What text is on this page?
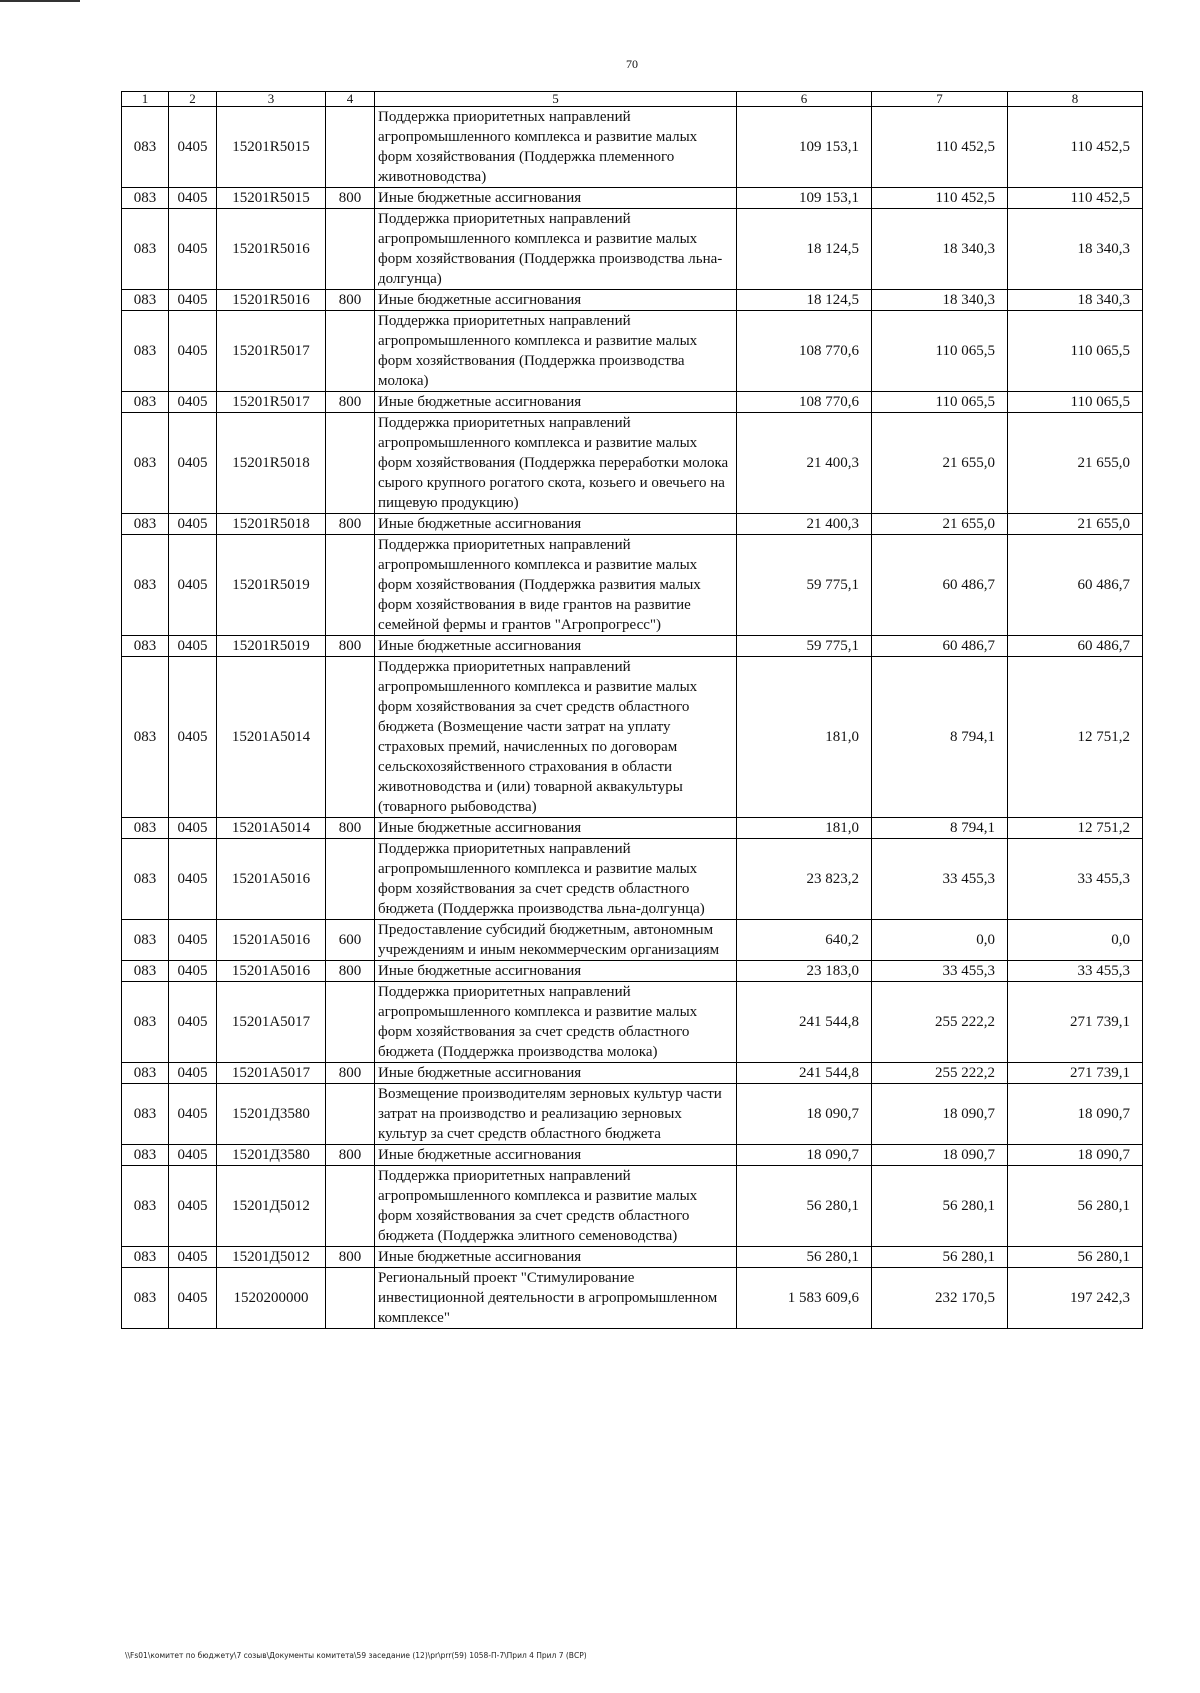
70
1	2	3	4	5	6	7	8
083	0405	15201R5015		Поддержка приоритетных направлений агропромышленного комплекса и развитие малых форм хозяйствования (Поддержка племенного животноводства)	109 153,1	110 452,5	110 452,5
083	0405	15201R5015	800	Иные бюджетные ассигнования	109 153,1	110 452,5	110 452,5
083	0405	15201R5016		Поддержка приоритетных направлений агропромышленного комплекса и развитие малых форм хозяйствования (Поддержка производства льна-долгунца)	18 124,5	18 340,3	18 340,3
083	0405	15201R5016	800	Иные бюджетные ассигнования	18 124,5	18 340,3	18 340,3
083	0405	15201R5017		Поддержка приоритетных направлений агропромышленного комплекса и развитие малых форм хозяйствования (Поддержка производства молока)	108 770,6	110 065,5	110 065,5
083	0405	15201R5017	800	Иные бюджетные ассигнования	108 770,6	110 065,5	110 065,5
083	0405	15201R5018		Поддержка приоритетных направлений агропромышленного комплекса и развитие малых форм хозяйствования (Поддержка переработки молока сырого крупного рогатого скота, козьего и овечьего на пищевую продукцию)	21 400,3	21 655,0	21 655,0
083	0405	15201R5018	800	Иные бюджетные ассигнования	21 400,3	21 655,0	21 655,0
083	0405	15201R5019		Поддержка приоритетных направлений агропромышленного комплекса и развитие малых форм хозяйствования (Поддержка развития малых форм хозяйствования в виде грантов на развитие семейной фермы и грантов "Агропрогресс")	59 775,1	60 486,7	60 486,7
083	0405	15201R5019	800	Иные бюджетные ассигнования	59 775,1	60 486,7	60 486,7
083	0405	15201A5014		Поддержка приоритетных направлений агропромышленного комплекса и развитие малых форм хозяйствования за счет средств областного бюджета (Возмещение части затрат на уплату страховых премий, начисленных по договорам сельскохозяйственного страхования в области животноводства и (или) товарной аквакультуры (товарного рыбоводства)	181,0	8 794,1	12 751,2
083	0405	15201A5014	800	Иные бюджетные ассигнования	181,0	8 794,1	12 751,2
083	0405	15201A5016		Поддержка приоритетных направлений агропромышленного комплекса и развитие малых форм хозяйствования за счет средств областного бюджета (Поддержка производства льна-долгунца)	23 823,2	33 455,3	33 455,3
083	0405	15201A5016	600	Предоставление субсидий бюджетным, автономным учреждениям и иным некоммерческим организациям	640,2	0,0	0,0
083	0405	15201A5016	800	Иные бюджетные ассигнования	23 183,0	33 455,3	33 455,3
083	0405	15201A5017		Поддержка приоритетных направлений агропромышленного комплекса и развитие малых форм хозяйствования за счет средств областного бюджета (Поддержка производства молока)	241 544,8	255 222,2	271 739,1
083	0405	15201A5017	800	Иные бюджетные ассигнования	241 544,8	255 222,2	271 739,1
083	0405	15201Д3580		Возмещение производителям зерновых культур части затрат на производство и реализацию зерновых культур за счет средств областного бюджета	18 090,7	18 090,7	18 090,7
083	0405	15201Д3580	800	Иные бюджетные ассигнования	18 090,7	18 090,7	18 090,7
083	0405	15201Д5012		Поддержка приоритетных направлений агропромышленного комплекса и развитие малых форм хозяйствования за счет средств областного бюджета (Поддержка элитного семеноводства)	56 280,1	56 280,1	56 280,1
083	0405	15201Д5012	800	Иные бюджетные ассигнования	56 280,1	56 280,1	56 280,1
083	0405	1520200000		Региональный проект "Стимулирование инвестиционной деятельности в агропромышленном комплексе"	1 583 609,6	232 170,5	197 242,3
\\Fs01\комитет по бюджету\7 созыв\Документы комитета\59 заседание (12)\pr\prr(59) 1058-П-7\Прил 4 Прил 7 (ВСР)
